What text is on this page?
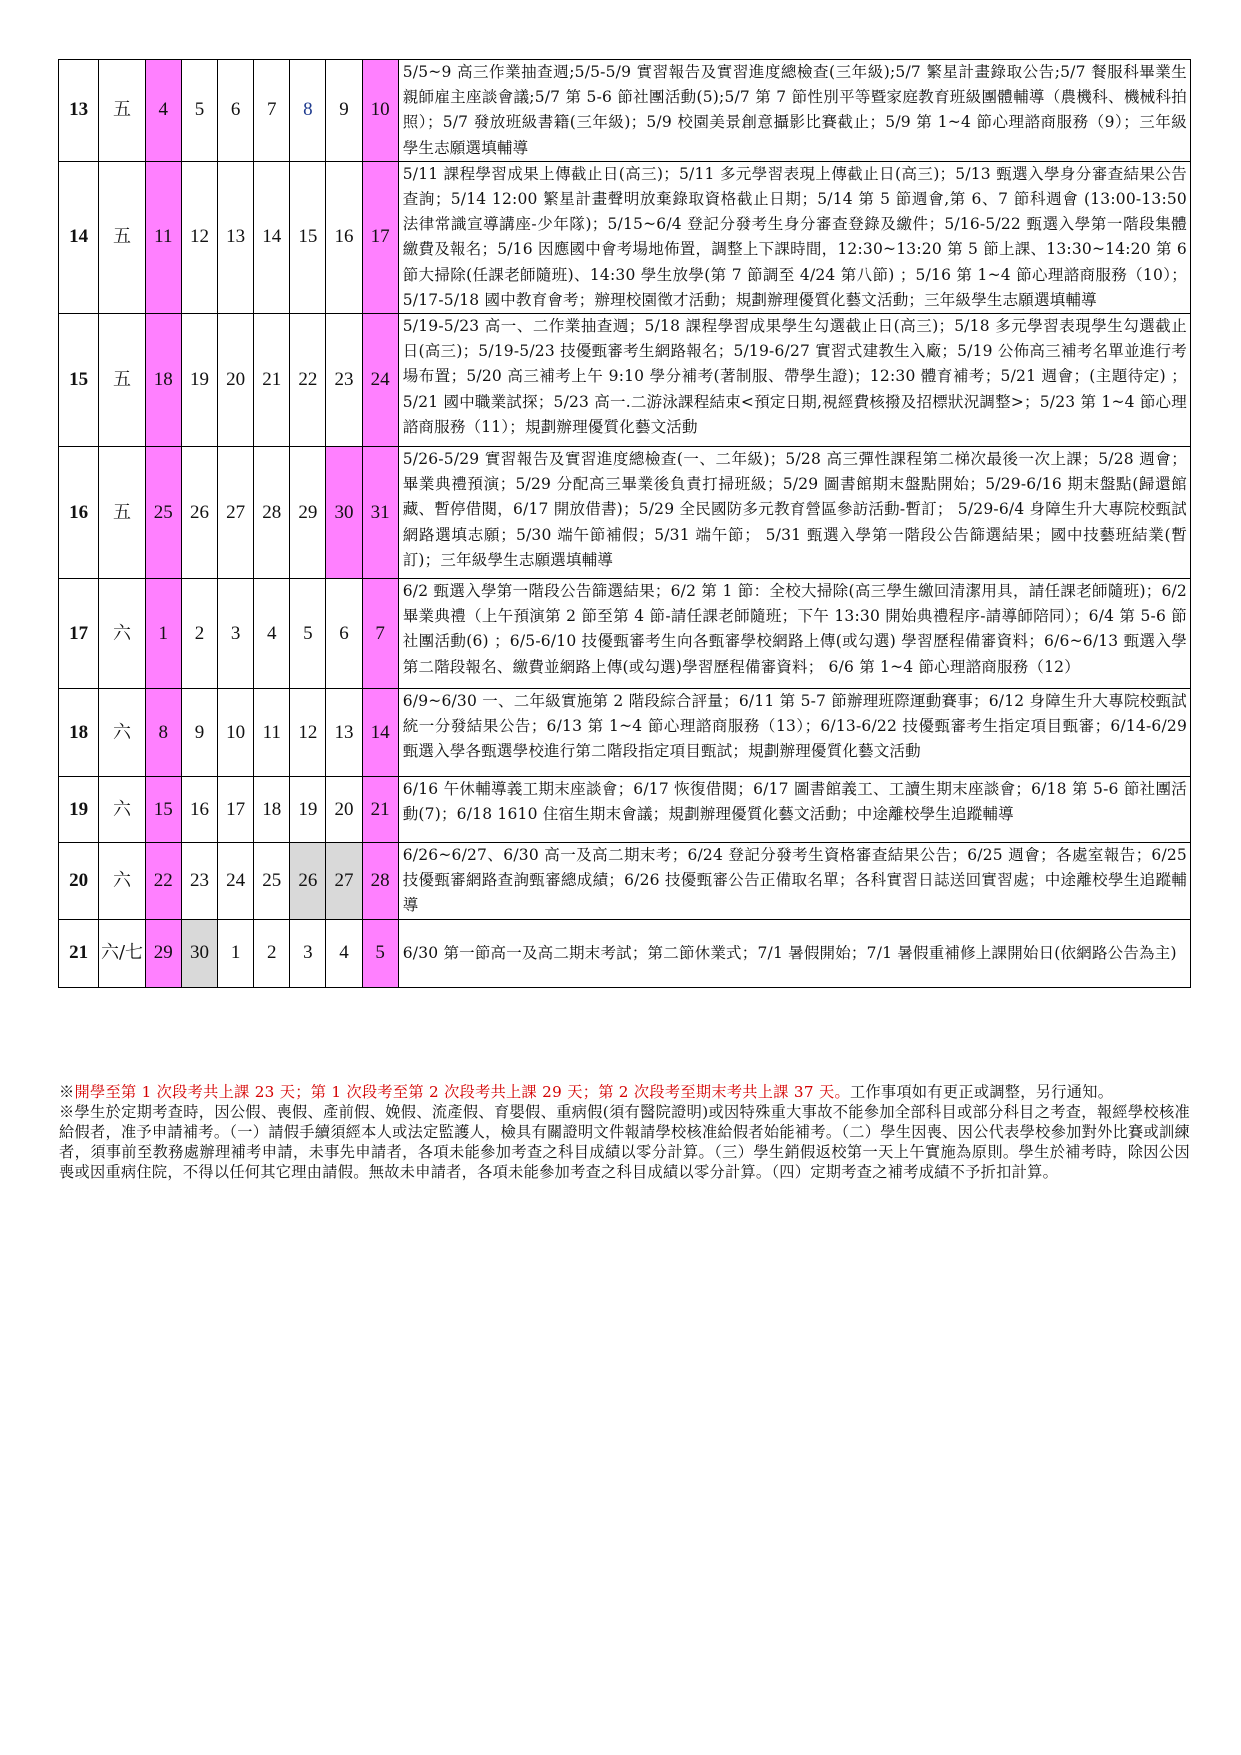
13	五	4	5	6	7	8	9	10	5/5~9 高三作業抽查週;5/5-5/9 實習報告及實習進度總檢查(三年級);5/7 繁星計畫錄取公告;5/7 餐服科畢業生親師雇主座談會議;5/7 第 5-6 節社團活動(5);5/7 第 7 節性別平等暨家庭教育班級團體輔導（農機科、機械科拍照）；5/7 發放班級書籍(三年級)；5/9 校園美景創意攝影比賽截止；5/9 第 1~4 節心理諮商服務（9）；三年級學生志願選填輔導
14	五	11	12	13	14	15	16	17	5/11 課程學習成果上傳截止日(高三)；5/11 多元學習表現上傳截止日(高三)；5/13 甄選入學身分審查結果公告查詢；5/14 12:00 繁星計畫聲明放棄錄取資格截止日期；5/14 第 5 節週會,第 6、7 節科週會 (13:00-13:50 法律常識宣導講座-少年隊)；5/15~6/4 登記分發考生身分審查登錄及繳件；5/16-5/22 甄選入學第一階段集體繳費及報名；5/16 因應國中會考場地佈置，調整上下課時間，12:30~13:20 第 5 節上課、13:30~14:20 第 6 節大掃除(任課老師隨班)、14:30 學生放學(第 7 節調至 4/24 第八節) ；5/16 第 1~4 節心理諮商服務（10）；5/17-5/18 國中教育會考；辦理校園徵才活動；規劃辦理優質化藝文活動；三年級學生志願選填輔導
15	五	18	19	20	21	22	23	24	5/19-5/23 高一、二作業抽查週；5/18 課程學習成果學生勾選截止日(高三)；5/18 多元學習表現學生勾選截止日(高三)；5/19-5/23 技優甄審考生網路報名；5/19-6/27 實習式建教生入廠；5/19 公佈高三補考名單並進行考場布置；5/20 高三補考上午 9:10 學分補考(著制服、帶學生證)；12:30 體育補考；5/21 週會；(主題待定) ；5/21 國中職業試探；5/23 高一.二游泳課程結束<預定日期,視經費核撥及招標狀況調整>；5/23 第 1~4 節心理諮商服務（11）；規劃辦理優質化藝文活動
16	五	25	26	27	28	29	30	31	5/26-5/29 實習報告及實習進度總檢查(一、二年級)；5/28 高三彈性課程第二梯次最後一次上課；5/28 週會；畢業典禮預演；5/29 分配高三畢業後負責打掃班級；5/29 圖書館期末盤點開始；5/29-6/16 期末盤點(歸還館藏、暫停借閱，6/17 開放借書)；5/29 全民國防多元教育營區參訪活動-暫訂； 5/29-6/4 身障生升大專院校甄試網路選填志願；5/30 端午節補假；5/31 端午節； 5/31 甄選入學第一階段公告篩選結果；國中技藝班結業(暫訂)；三年級學生志願選填輔導
17	六	1	2	3	4	5	6	7	6/2 甄選入學第一階段公告篩選結果；6/2 第 1 節：全校大掃除(高三學生繳回清潔用具，請任課老師隨班)；6/2 畢業典禮（上午預演第 2 節至第 4 節-請任課老師隨班；下午 13:30 開始典禮程序-請導師陪同）；6/4 第 5-6 節社團活動(6) ；6/5-6/10 技優甄審考生向各甄審學校網路上傳(或勾選) 學習歷程備審資料；6/6~6/13 甄選入學第二階段報名、繳費並網路上傳(或勾選)學習歷程備審資料； 6/6 第 1~4 節心理諮商服務（12）
18	六	8	9	10	11	12	13	14	6/9~6/30 一、二年級實施第 2 階段綜合評量；6/11 第 5-7 節辦理班際運動賽事；6/12 身障生升大專院校甄試統一分發結果公告；6/13 第 1~4 節心理諮商服務（13）；6/13-6/22 技優甄審考生指定項目甄審；6/14-6/29 甄選入學各甄選學校進行第二階段指定項目甄試；規劃辦理優質化藝文活動
19	六	15	16	17	18	19	20	21	6/16 午休輔導義工期末座談會；6/17 恢復借閱；6/17 圖書館義工、工讀生期末座談會；6/18 第 5-6 節社團活動(7)；6/18 1610 住宿生期末會議；規劃辦理優質化藝文活動；中途離校學生追蹤輔導
20	六	22	23	24	25	26	27	28	6/26~6/27、6/30 高一及高二期末考；6/24 登記分發考生資格審查結果公告；6/25 週會；各處室報告；6/25 技優甄審網路查詢甄審總成績；6/26 技優甄審公告正備取名單；各科實習日誌送回實習處；中途離校學生追蹤輔導
21	六/七	29	30	1	2	3	4	5	6/30 第一節高一及高二期末考試；第二節休業式；7/1 暑假開始；7/1 暑假重補修上課開始日(依網路公告為主)

※開學至第 1 次段考共上課 23 天；第 1 次段考至第 2 次段考共上課 29 天；第 2 次段考至期末考共上課 37 天。工作事項如有更正或調整，另行通知。

※學生於定期考查時，因公假、喪假、產前假、娩假、流產假、育嬰假、重病假(須有醫院證明)或因特殊重大事故不能參加全部科目或部分科目之考查，報經學校核准給假者，准予申請補考。（一）請假手續須經本人或法定監護人，檢具有關證明文件報請學校核准給假者始能補考。（二）學生因喪、因公代表學校參加對外比賽或訓練者，須事前至教務處辦理補考申請，未事先申請者，各項未能參加考查之科目成績以零分計算。（三）學生銷假返校第一天上午實施為原則。學生於補考時，除因公因喪或因重病住院，不得以任何其它理由請假。無故未申請者，各項未能參加考查之科目成績以零分計算。（四）定期考查之補考成績不予折扣計算。
